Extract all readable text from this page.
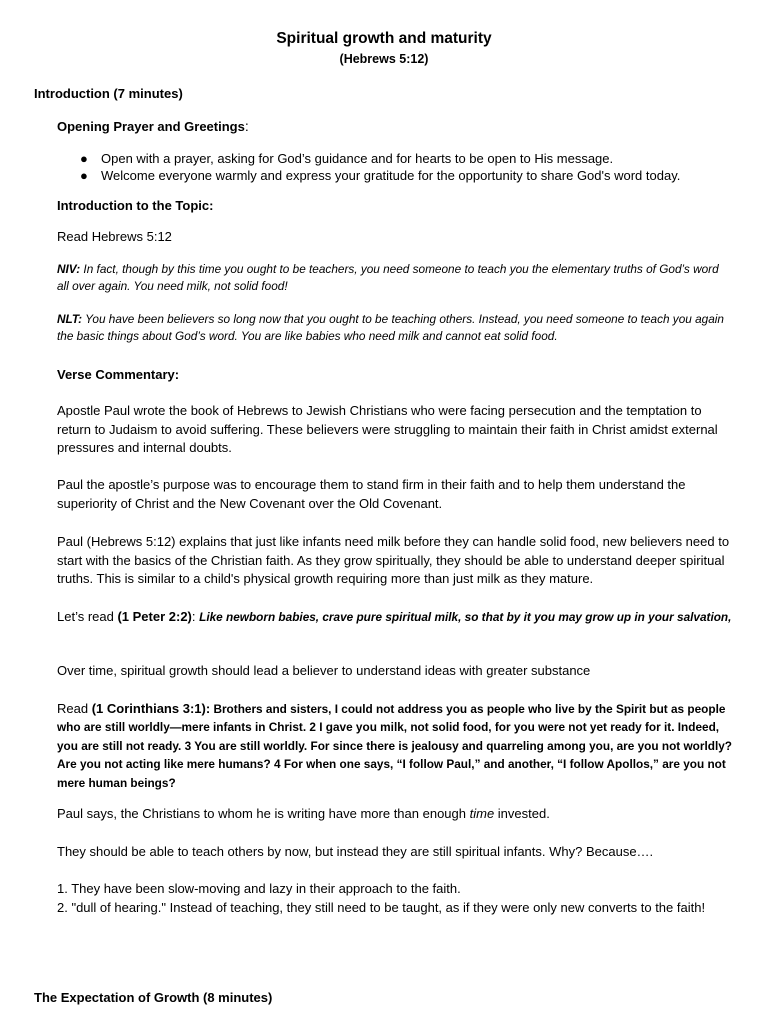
Spiritual growth and maturity
(Hebrews 5:12)
Introduction (7 minutes)
Opening Prayer and Greetings:
● Open with a prayer, asking for God’s guidance and for hearts to be open to His message.
● Welcome everyone warmly and express your gratitude for the opportunity to share God's word today.
Introduction to the Topic:

Read Hebrews 5:12

NIV: In fact, though by this time you ought to be teachers, you need someone to teach you the elementary truths of God’s word all over again. You need milk, not solid food!

NLT: You have been believers so long now that you ought to be teaching others. Instead, you need someone to teach you again the basic things about God’s word. You are like babies who need milk and cannot eat solid food.

Verse Commentary:

Apostle Paul wrote the book of Hebrews to Jewish Christians who were facing persecution and the temptation to return to Judaism to avoid suffering. These believers were struggling to maintain their faith in Christ amidst external pressures and internal doubts.

Paul the apostle’s purpose was to encourage them to stand firm in their faith and to help them understand the superiority of Christ and the New Covenant over the Old Covenant.

Paul (Hebrews 5:12) explains that just like infants need milk before they can handle solid food, new believers need to start with the basics of the Christian faith. As they grow spiritually, they should be able to understand deeper spiritual truths. This is similar to a child's physical growth requiring more than just milk as they mature.

Let’s read (1 Peter 2:2): Like newborn babies, crave pure spiritual milk, so that by it you may grow up in your salvation,

Over time, spiritual growth should lead a believer to understand ideas with greater substance

Read (1 Corinthians 3:1): Brothers and sisters, I could not address you as people who live by the Spirit but as people who are still worldly—mere infants in Christ. 2 I gave you milk, not solid food, for you were not yet ready for it. Indeed, you are still not ready. 3 You are still worldly. For since there is jealousy and quarreling among you, are you not worldly? Are you not acting like mere humans? 4 For when one says, “I follow Paul,” and another, “I follow Apollos,” are you not mere human beings?

Paul says, the Christians to whom he is writing have more than enough time invested.

They should be able to teach others by now, but instead they are still spiritual infants. Why? Because….

1. They have been slow-moving and lazy in their approach to the faith.

2. "dull of hearing." Instead of teaching, they still need to be taught, as if they were only new converts to the faith!

The Expectation of Growth (8 minutes)
